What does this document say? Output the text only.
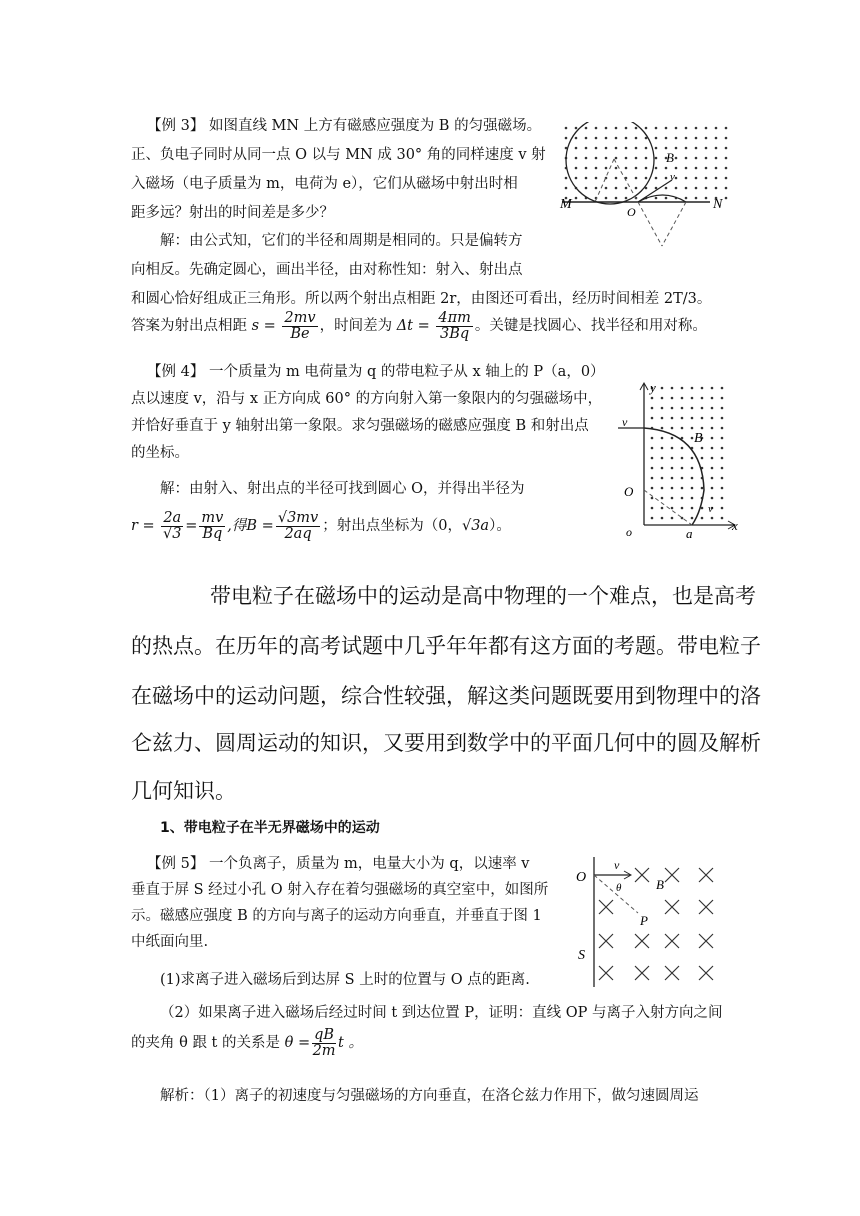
【例 3】 如图直线 MN 上方有磁感应强度为 B 的匀强磁场。
正、负电子同时从同一点 O 以与 MN 成 30° 角的同样速度 v 射
入磁场（电子质量为 m，电荷为 e），它们从磁场中射出时相
距多远？射出的时间差是多少？
解：由公式知，它们的半径和周期是相同的。只是偏转方
向相反。先确定圆心，画出半径，由对称性知：射入、射出点
和圆心恰好组成正三角形。所以两个射出点相距 2r，由图还可看出，经历时间相差 2T/3。
答案为射出点相距 $s = \frac{2mv}{Be}$ ，时间差为 $\Delta t = \frac{4\pi m}{3Bq}$ 。关键是找圆心、找半径和用对称。
M	N
O
B
v
【例 4】 一个质量为 m 电荷量为 q 的带电粒子从 x 轴上的 P（a，0）
点以速度 v，沿与 x 正方向成 60° 的方向射入第一象限内的匀强磁场中，
并恰好垂直于 y 轴射出第一象限。求匀强磁场的磁感应强度 B 和射出点
的坐标。
解：由射入、射出点的半径可找到圆心 O，并得出半径为
$r = \frac{2a}{√3} = \frac{mv}{Bq}$ ,得$B = \frac{√3mv}{2aq}$ ；射出点坐标为（0，√3a）。
y
x
v
B
O
v
o	a
带电粒子在磁场中的运动是高中物理的一个难点，也是高考
的热点。在历年的高考试题中几乎年年都有这方面的考题。带电粒子
在磁场中的运动问题，综合性较强，解这类问题既要用到物理中的洛
仑兹力、圆周运动的知识，又要用到数学中的平面几何中的圆及解析
几何知识。
1、带电粒子在半无界磁场中的运动
【例 5】 一个负离子，质量为 m，电量大小为 q，以速率 v
垂直于屏 S 经过小孔 O 射入存在着匀强磁场的真空室中，如图所
示。磁感应强度 B 的方向与离子的运动方向垂直，并垂直于图 1
中纸面向里.
(1)求离子进入磁场后到达屏 S 上时的位置与 O 点的距离.
（2）如果离子进入磁场后经过时间 t 到达位置 P，证明：直线 OP 与离子入射方向之间
的夹角 θ 跟 t 的关系是 $\theta = \frac{qB}{2m}$ t 。
解析：（1）离子的初速度与匀强磁场的方向垂直，在洛仑兹力作用下，做匀速圆周运
O
v
B
θ
P
S
